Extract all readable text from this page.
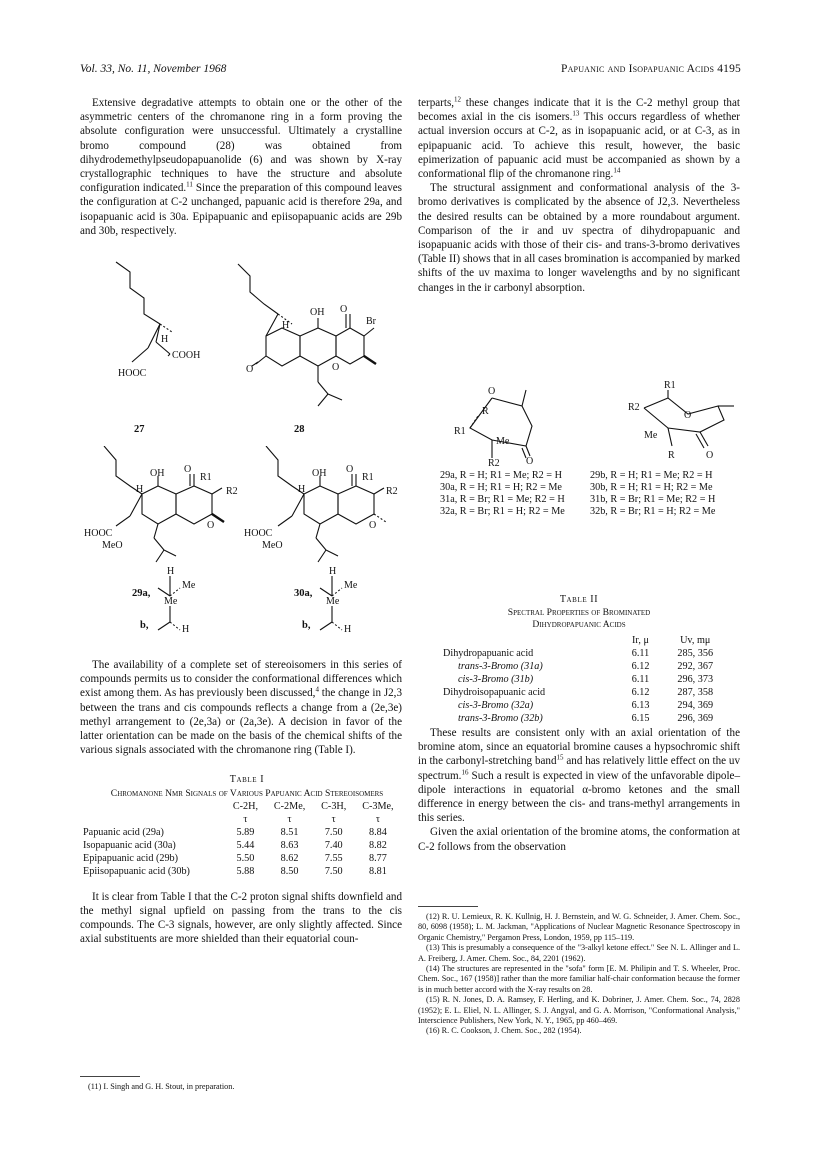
Vol. 33, No. 11, November 1968	Papuanic and Isopapuanic Acids 4195

Extensive degradative attempts to obtain one or the other of the asymmetric centers of the chromanone ring in a form proving the absolute configuration were unsuccessful. Ultimately a crystalline bromo compound (28) was obtained from dihydrodemethylpseudopapuanolide (6) and was shown by X-ray crystallographic techniques to have the structure and absolute configuration indicated.$^{11}$ Since the preparation of this compound leaves the configuration at C-2 unchanged, papuanic acid is therefore 29a, and isopapuanic acid is 30a. Epipapuanic and epiisopapuanic acids are 29b and 30b, respectively.

H
COOH
HOOC
H
OH O
Br
O	O
27	28
H
OH O
R1
R2
O
HOOC
MeO
H
OH O
R1
R2
O
HOOC
MeO
H
Me
29a,
Me
H
b,
H
Me
30a,
Me
H
b,

The availability of a complete set of stereoisomers in this series of compounds permits us to consider the conformational differences which exist among them. As has previously been discussed,$^4$ the change in J2,3 between the trans and cis compounds reflects a change from a (2e,3e) methyl arrangement to (2e,3a) or (2a,3e). A decision in favor of the latter orientation can be made on the basis of the chemical shifts of the various signals associated with the chromanone ring (Table I).

Table I

Chromanone Nmr Signals of Various Papuanic Acid Stereoisomers

	C-2H,	C-2Me,	C-3H,	C-3Me,
	τ	τ	τ	τ
Papuanic acid (29a)	5.89	8.51	7.50	8.84
Isopapuanic acid (30a)	5.44	8.63	7.40	8.82
Epipapuanic acid (29b)	5.50	8.62	7.55	8.77
Epiisopapuanic acid (30b)	5.88	8.50	7.50	8.81

It is clear from Table I that the C-2 proton signal shifts downfield and the methyl signal upfield on passing from the trans to the cis compounds. The C-3 signals, however, are only slightly affected. Since axial substituents are more shielded than their equatorial coun-

(11) I. Singh and G. H. Stout, in preparation.

terparts,$^{12}$ these changes indicate that it is the C-2 methyl group that becomes axial in the cis isomers.$^{13}$ This occurs regardless of whether actual inversion occurs at C-2, as in isopapuanic acid, or at C-3, as in epipapuanic acid. To achieve this result, however, the basic epimerization of papuanic acid must be accompanied as shown by a conformational flip of the chromanone ring.$^{14}$

The structural assignment and conformational analysis of the 3-bromo derivatives is complicated by the absence of J2,3. Nevertheless the desired results can be obtained by a more roundabout argument. Comparison of the ir and uv spectra of dihydropapuanic and isopapuanic acids with those of their cis- and trans-3-bromo derivatives (Table II) shows that in all cases bromination is accompanied by marked shifts of the uv maxima to longer wavelengths and by no significant changes in the ir carbonyl absorption.

O
R
R1
Me
O
R2
R1
R2
O
Me
O
R
29a, R = H; R1 = Me; R2 = H
30a, R = H; R1 = H; R2 = Me
31a, R = Br; R1 = Me; R2 = H
32a, R = Br; R1 = H; R2 = Me
29b, R = H; R1 = Me; R2 = H
30b, R = H; R1 = H; R2 = Me
31b, R = Br; R1 = Me; R2 = H
32b, R = Br; R1 = H; R2 = Me

Table II

Spectral Properties of Brominated Dihydropapuanic Acids

	Ir, μ	Uv, mμ
Dihydropapuanic acid	6.11	285, 356
trans-3-Bromo (31a)	6.12	292, 367
cis-3-Bromo (31b)	6.11	296, 373
Dihydroisopapuanic acid	6.12	287, 358
cis-3-Bromo (32a)	6.13	294, 369
trans-3-Bromo (32b)	6.15	296, 369

These results are consistent only with an axial orientation of the bromine atom, since an equatorial bromine causes a hypsochromic shift in the carbonyl-stretching band$^{15}$ and has relatively little effect on the uv spectrum.$^{16}$ Such a result is expected in view of the unfavorable dipole–dipole interactions in equatorial α-bromo ketones and the small difference in energy between the cis- and trans-methyl arrangements in this series.

Given the axial orientation of the bromine atoms, the conformation at C-2 follows from the observation

(12) R. U. Lemieux, R. K. Kullnig, H. J. Bernstein, and W. G. Schneider, J. Amer. Chem. Soc., 80, 6098 (1958); L. M. Jackman, "Applications of Nuclear Magnetic Resonance Spectroscopy in Organic Chemistry," Pergamon Press, London, 1959, pp 115–119.

(13) This is presumably a consequence of the "3-alkyl ketone effect." See N. L. Allinger and L. A. Freiberg, J. Amer. Chem. Soc., 84, 2201 (1962).

(14) The structures are represented in the "sofa" form [E. M. Philipin and T. S. Wheeler, Proc. Chem. Soc., 167 (1958)] rather than the more familiar half-chair conformation because the former is in much better accord with the X-ray results on 28.

(15) R. N. Jones, D. A. Ramsey, F. Herling, and K. Dobriner, J. Amer. Chem. Soc., 74, 2828 (1952); E. L. Eliel, N. L. Allinger, S. J. Angyal, and G. A. Morrison, "Conformational Analysis," Interscience Publishers, New York, N. Y., 1965, pp 460–469.

(16) R. C. Cookson, J. Chem. Soc., 282 (1954).
